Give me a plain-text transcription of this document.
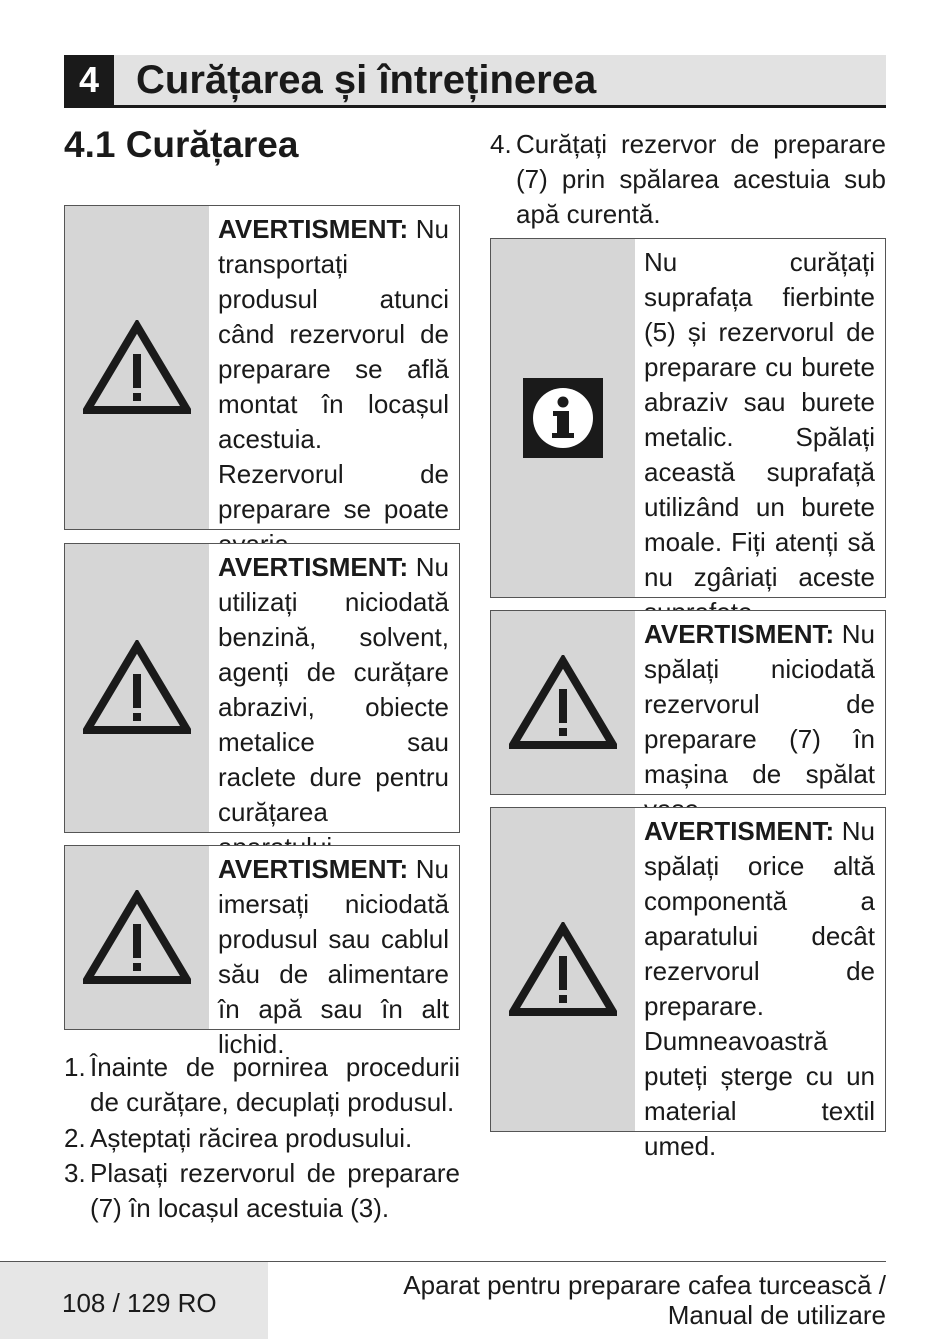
4 Curățarea și întreținerea
4.1 Curățarea
AVERTISMENT: Nu transportați produsul atunci când rezervorul de preparare se află montat în locașul acestuia. Rezervorul de preparare se poate
AVERTISMENT: Nu utilizați niciodată benzină, solvent, agenți de curățare abrazivi, obiecte metalice sau raclete dure pentru curățarea
AVERTISMENT: Nu imersați niciodată produsul sau cablul său de alimentare în apă sau în alt lichid.
1. Înainte de pornirea procedurii de curățare, decuplați produsul.
2. Așteptați răcirea produsului.
3. Plasați rezervorul de preparare (7) în locașul acestuia (3).
4. Curățați rezervor de preparare (7) prin spălarea acestuia sub apă curentă.
Nu curățați suprafața fierbinte (5) și rezervorul de preparare cu burete abraziv sau burete metalic. Spălați această suprafață utilizând un burete moale. Fiți atenți să nu zgâriați aceste
AVERTISMENT: Nu spălați niciodată rezervorul de preparare (7) în mașina de spălat
AVERTISMENT: Nu spălați orice altă componentă a aparatului decât rezervorul de preparare. Dumneavoastră puteți șterge cu un material textil umed.
108 / 129 RO
Aparat pentru preparare cafea turcească /
Manual de utilizare
